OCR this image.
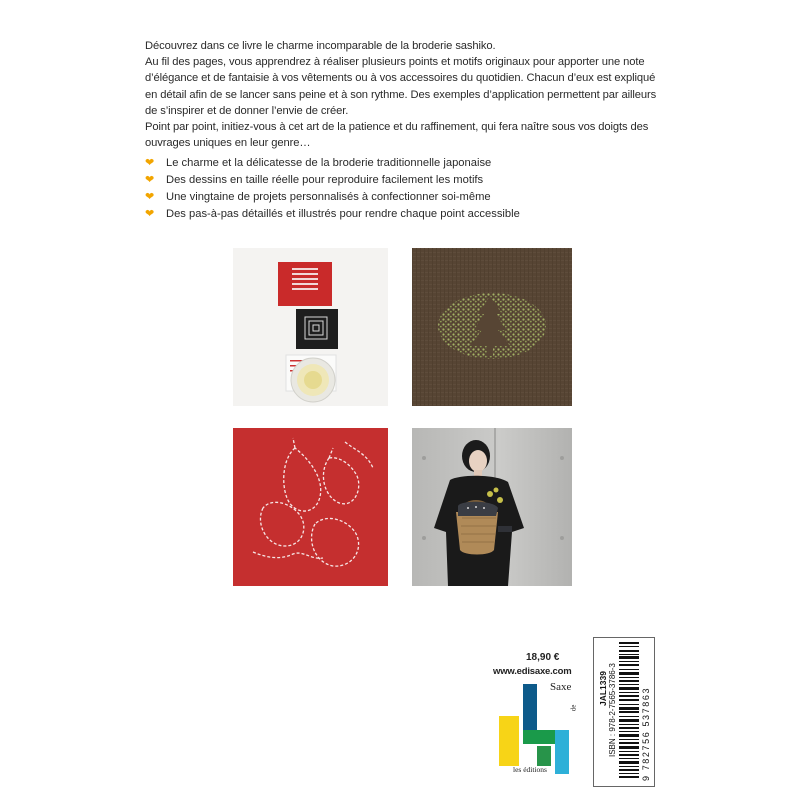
Découvrez dans ce livre le charme incomparable de la broderie sashiko.

Au fil des pages, vous apprendrez à réaliser plusieurs points et motifs originaux pour apporter une note d’élégance et de fantaisie à vos vêtements ou à vos accessoires du quotidien. Chacun d’eux est expliqué en détail afin de se lancer sans peine et à son rythme. Des exemples d’application permettent par ailleurs de s’inspirer et de donner l’envie de créer.

Point par point, initiez-vous à cet art de la patience et du raffinement, qui fera naître sous vos doigts des ouvrages uniques en leur genre…

❤ Le charme et la délicatesse de la broderie traditionnelle japonaise
❤ Des dessins en taille réelle pour reproduire facilement les motifs
❤ Une vingtaine de projets personnalisés à confectionner soi-même
❤ Des pas-à-pas détaillés et illustrés pour rendre chaque point accessible
18,90 €
www.edisaxe.com
Saxe
de
les éditions
JAL1339 ISBN : 978-2-7565-3786-3	9 782756 537863
